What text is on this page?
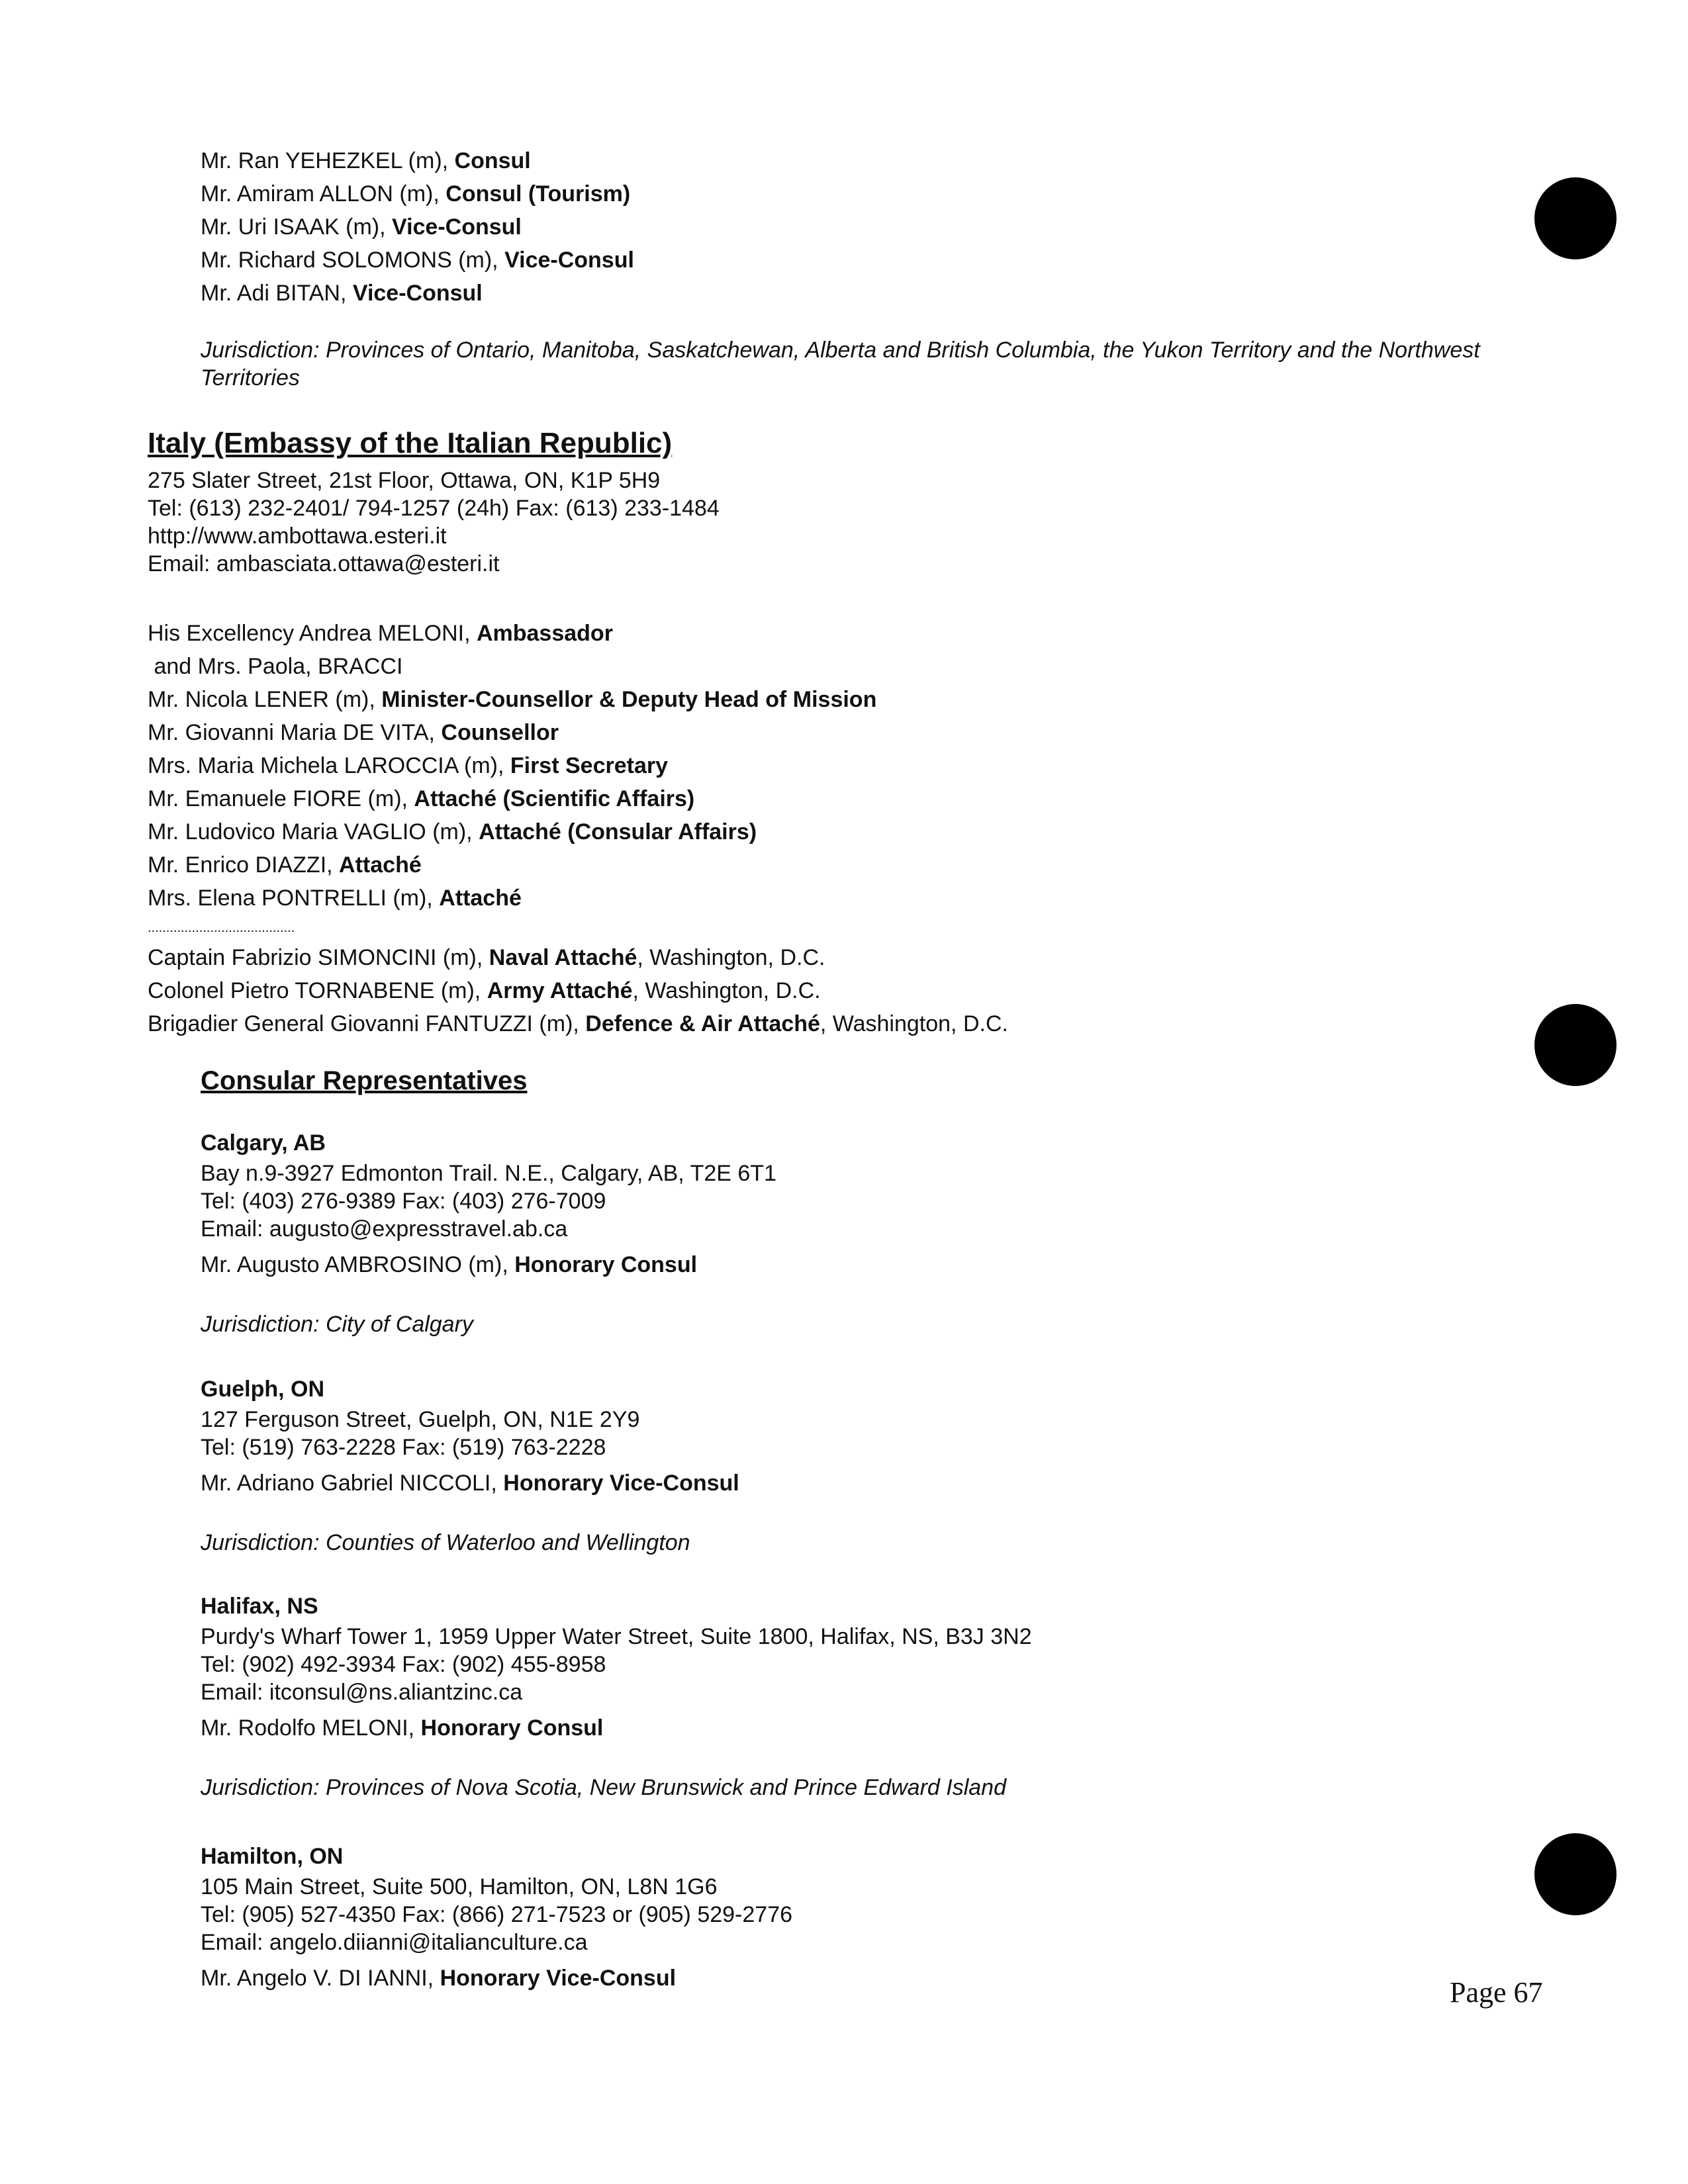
Mr. Ran YEHEZKEL (m), Consul
Mr. Amiram ALLON (m), Consul (Tourism)
Mr. Uri ISAAK (m), Vice-Consul
Mr. Richard SOLOMONS (m), Vice-Consul
Mr. Adi BITAN, Vice-Consul
Jurisdiction: Provinces of Ontario, Manitoba, Saskatchewan, Alberta and British Columbia, the Yukon Territory and the Northwest Territories
Italy (Embassy of the Italian Republic)
275 Slater Street, 21st Floor, Ottawa, ON, K1P 5H9
Tel: (613) 232-2401/ 794-1257 (24h) Fax: (613) 233-1484
http://www.ambottawa.esteri.it
Email: ambasciata.ottawa@esteri.it
His Excellency Andrea MELONI, Ambassador
and Mrs. Paola, BRACCI
Mr. Nicola LENER (m), Minister-Counsellor & Deputy Head of Mission
Mr. Giovanni Maria DE VITA, Counsellor
Mrs. Maria Michela LAROCCIA (m), First Secretary
Mr. Emanuele FIORE (m), Attaché (Scientific Affairs)
Mr. Ludovico Maria VAGLIO (m), Attaché (Consular Affairs)
Mr. Enrico DIAZZI, Attaché
Mrs. Elena PONTRELLI (m), Attaché
........................................
Captain Fabrizio SIMONCINI (m), Naval Attaché, Washington, D.C.
Colonel Pietro TORNABENE (m), Army Attaché, Washington, D.C.
Brigadier General Giovanni FANTUZZI (m), Defence & Air Attaché, Washington, D.C.
Consular Representatives
Calgary, AB
Bay n.9-3927 Edmonton Trail. N.E., Calgary, AB, T2E 6T1
Tel: (403) 276-9389 Fax: (403) 276-7009
Email: augusto@expresstravel.ab.ca
Mr. Augusto AMBROSINO (m), Honorary Consul
Jurisdiction: City of Calgary
Guelph, ON
127 Ferguson Street, Guelph, ON, N1E 2Y9
Tel: (519) 763-2228 Fax: (519) 763-2228
Mr. Adriano Gabriel NICCOLI, Honorary Vice-Consul
Jurisdiction: Counties of Waterloo and Wellington
Halifax, NS
Purdy's Wharf Tower 1, 1959 Upper Water Street, Suite 1800, Halifax, NS, B3J 3N2
Tel: (902) 492-3934 Fax: (902) 455-8958
Email: itconsul@ns.aliantzinc.ca
Mr. Rodolfo MELONI, Honorary Consul
Jurisdiction: Provinces of Nova Scotia, New Brunswick and Prince Edward Island
Hamilton, ON
105 Main Street, Suite 500, Hamilton, ON, L8N 1G6
Tel: (905) 527-4350 Fax: (866) 271-7523 or (905) 529-2776
Email: angelo.diianni@italianculture.ca
Mr. Angelo V. DI IANNI, Honorary Vice-Consul	Page 67
